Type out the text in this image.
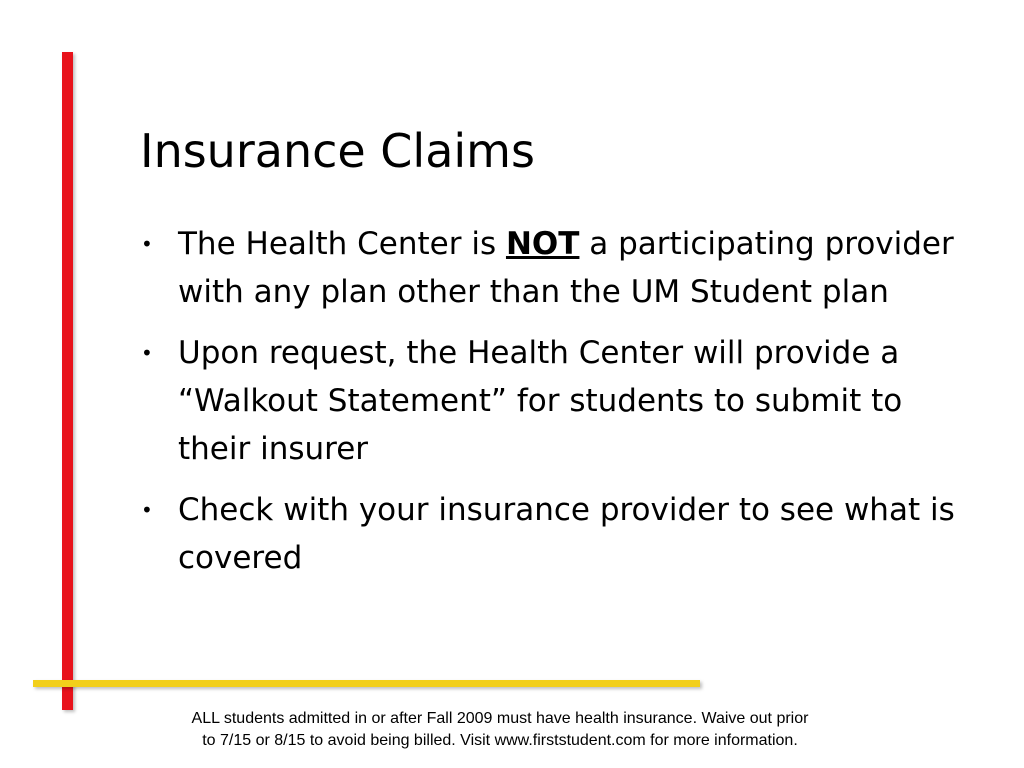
Insurance Claims
• The Health Center is NOT a participating provider with any plan other than the UM Student plan
• Upon request, the Health Center will provide a “Walkout Statement” for students to submit to their insurer
• Check with your insurance provider to see what is covered
ALL students admitted in or after Fall 2009 must have health insurance. Waive out prior
to 7/15 or 8/15 to avoid being billed. Visit www.firststudent.com for more information.
